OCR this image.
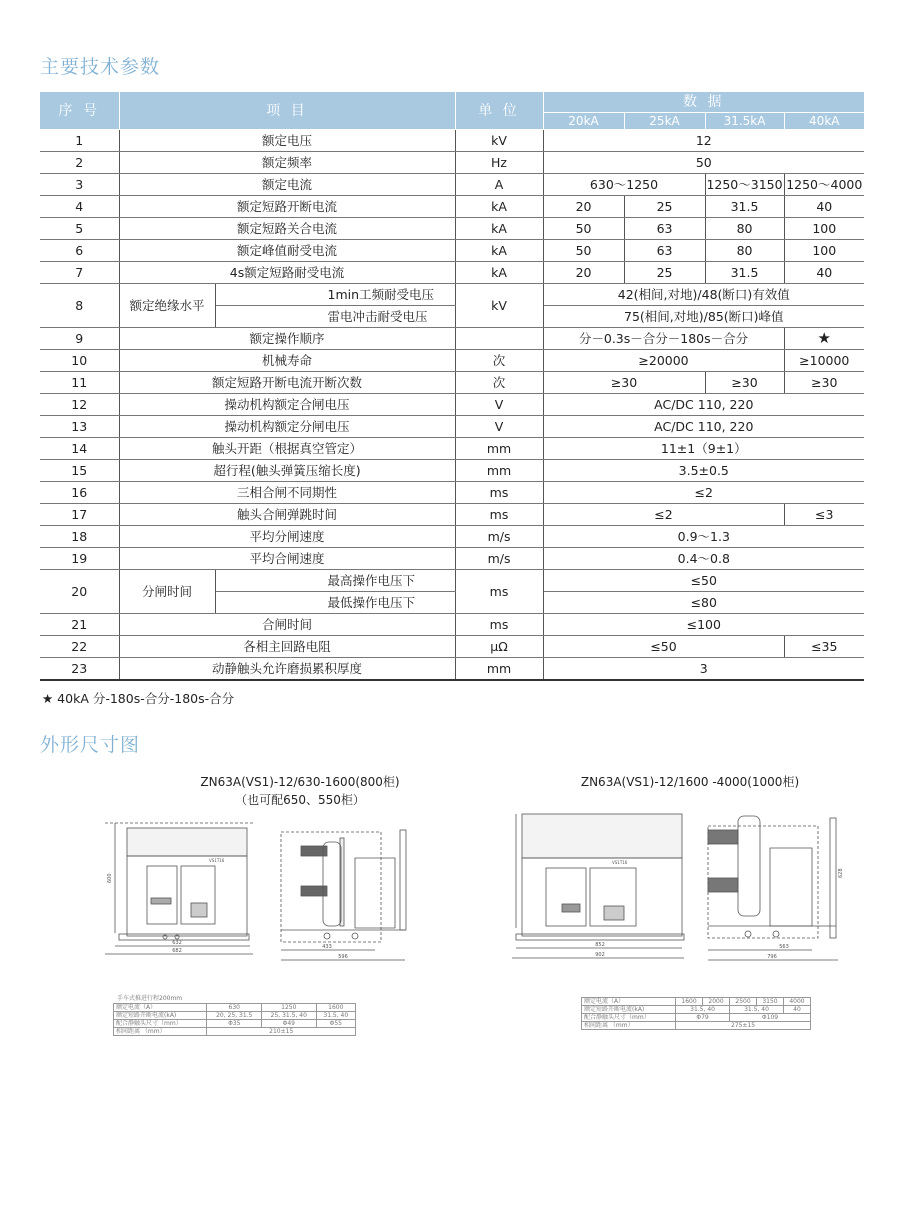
主要技术参数
序 号	项 目		单 位	数 据			
				20kA	25kA	31.5kA	40kA
1	额定电压		kV	12			
2	额定频率		Hz	50			
3	额定电流		A	630～1250		1250～3150	1250～4000
4	额定短路开断电流		kA	20	25	31.5	40
5	额定短路关合电流		kA	50	63	80	100
6	额定峰值耐受电流		kA	50	63	80	100
7	4s额定短路耐受电流		kA	20	25	31.5	40
8	额定绝缘水平	1min工频耐受电压	kV	42(相间,对地)/48(断口)有效值			
		雷电冲击耐受电压		75(相间,对地)/85(断口)峰值			
9	额定操作顺序			分－0.3s－合分－180s－合分			★
10	机械寿命		次	≥20000			≥10000
11	额定短路开断电流开断次数		次	≥30		≥30	≥30
12	操动机构额定合闸电压		V	AC/DC 110, 220			
13	操动机构额定分闸电压		V	AC/DC 110, 220			
14	触头开距（根据真空管定）		mm	11±1（9±1）			
15	超行程(触头弹簧压缩长度)		mm	3.5±0.5			
16	三相合闸不同期性		ms	≤2			
17	触头合闸弹跳时间		ms	≤2			≤3
18	平均分闸速度		m/s	0.9～1.3			
19	平均合闸速度		m/s	0.4～0.8			
20	分闸时间	最高操作电压下	ms	≤50			
		最低操作电压下		≤80			
21	合闸时间		ms	≤100			
22	各相主回路电阻		μΩ	≤50			≤35
23	动静触头允许磨损累积厚度		mm	3			
★ 40kA 分-180s-合分-180s-合分
外形尺寸图
ZN63A(VS1)-12/630-1600(800柜)
（也可配650、550柜）
VS1T16
632
682
433
596
600
手车式推进行程200mm
额定电流（A）	630	1250	1600
额定短路开断电流(kA)	20, 25, 31.5	25, 31.5, 40	31.5, 40
配合静触头尺寸（mm）	Φ35	Φ49	Φ55
相间距离 （mm）	210±15		
ZN63A(VS1)-12/1600 -4000(1000柜)
VS1T16
852
902
563
796
628
额定电流（A）	1600	2000	2500	3150	4000
额定短路开断电流(kA)	31.5, 40		31.5, 40		40
配合静触头尺寸（mm）	Φ79		Φ109		
相间距离 （mm）	275±15				
